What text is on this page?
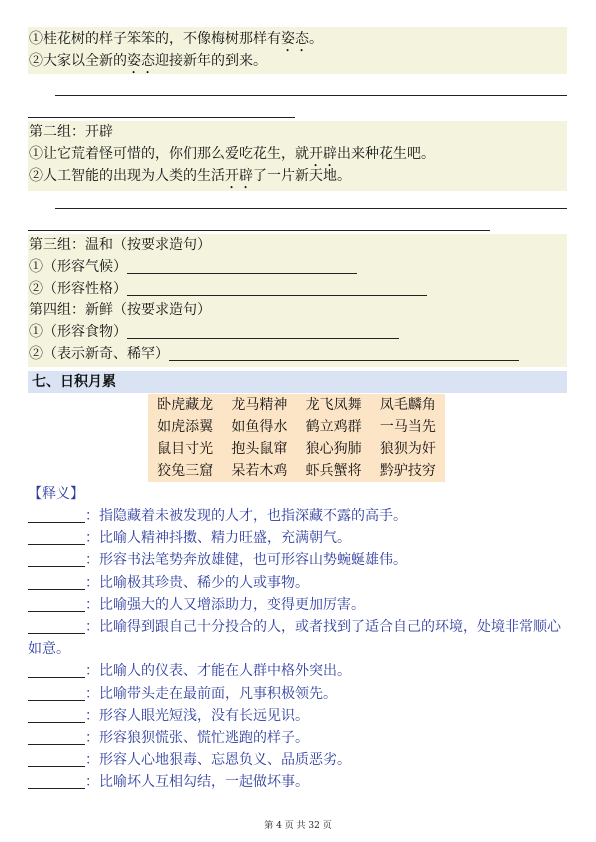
①桂花树的样子笨笨的，不像梅树那样有姿态。
②大家以全新的姿态迎接新年的到来。
第二组：开辟
①让它荒着怪可惜的，你们那么爱吃花生，就开辟出来种花生吧。
②人工智能的出现为人类的生活开辟了一片新天地。
第三组：温和（按要求造句）
①（形容气候）
②（形容性格）
第四组：新鲜（按要求造句）
①（形容食物）
②（表示新奇、稀罕）
七、日积月累
卧虎藏龙	龙马精神	龙飞凤舞	凤毛麟角
如虎添翼	如鱼得水	鹤立鸡群	一马当先
鼠目寸光	抱头鼠窜	狼心狗肺	狼狈为奸
狡兔三窟	呆若木鸡	虾兵蟹将	黔驴技穷
【释义】
：指隐藏着未被发现的人才，也指深藏不露的高手。
：比喻人精神抖擞、精力旺盛，充满朝气。
：形容书法笔势奔放雄健，也可形容山势蜿蜒雄伟。
：比喻极其珍贵、稀少的人或事物。
：比喻强大的人又增添助力，变得更加厉害。
：比喻得到跟自己十分投合的人，或者找到了适合自己的环境，处境非常顺心如意。
：比喻人的仪表、才能在人群中格外突出。
：比喻带头走在最前面，凡事积极领先。
：形容人眼光短浅，没有长远见识。
：形容狼狈慌张、慌忙逃跑的样子。
：形容人心地狠毒、忘恩负义、品质恶劣。
：比喻坏人互相勾结，一起做坏事。
第 4 页 共 32 页
